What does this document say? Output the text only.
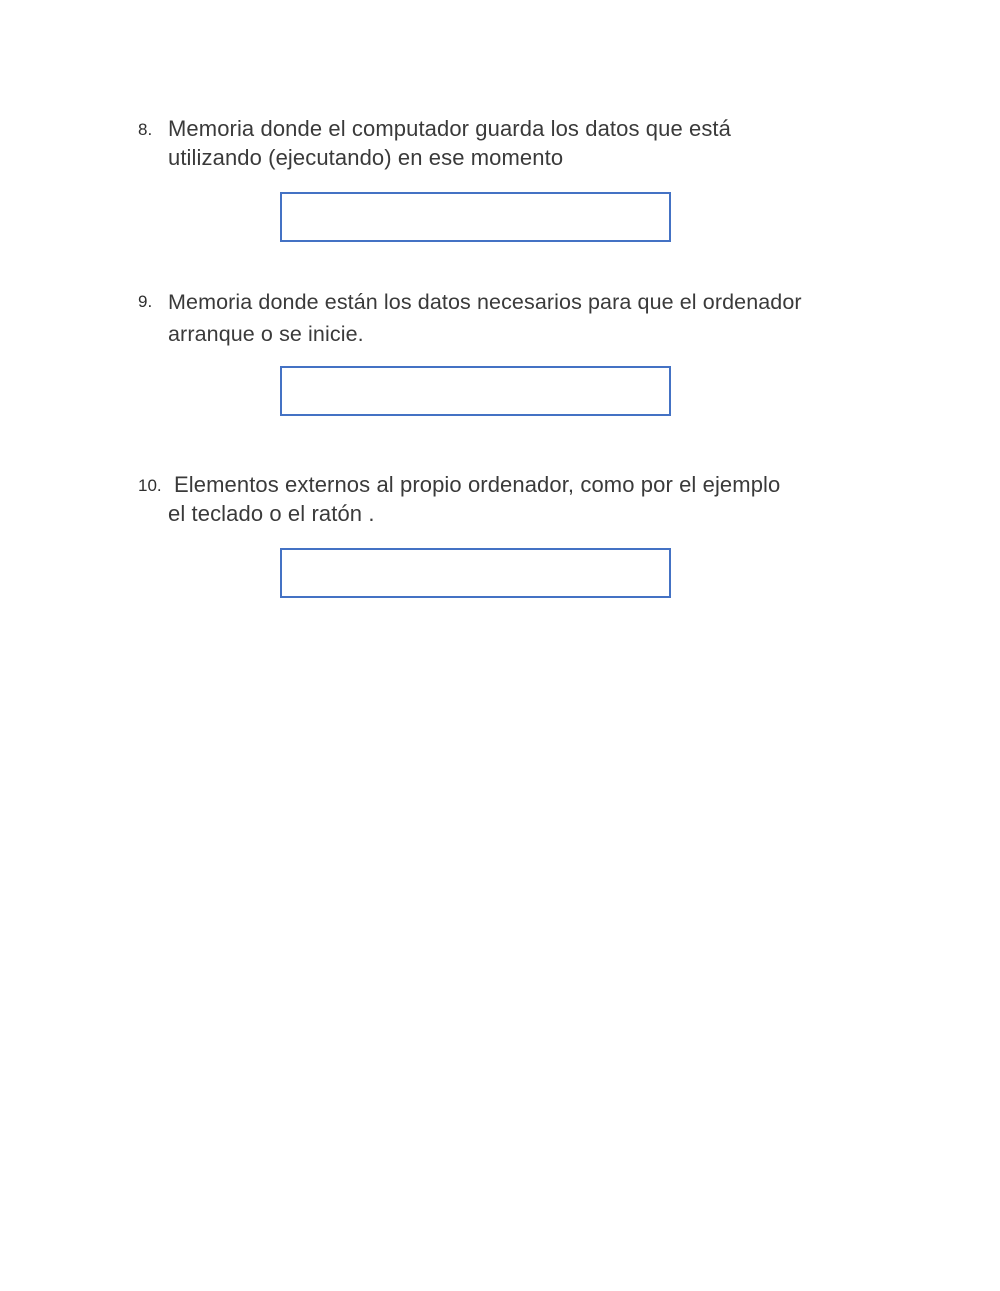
8. Memoria donde el computador guarda los datos que está
utilizando (ejecutando) en ese momento
9. Memoria donde están los datos necesarios para que el ordenador
arranque o se inicie.
10. Elementos externos al propio ordenador, como por el ejemplo
el teclado o el ratón .
